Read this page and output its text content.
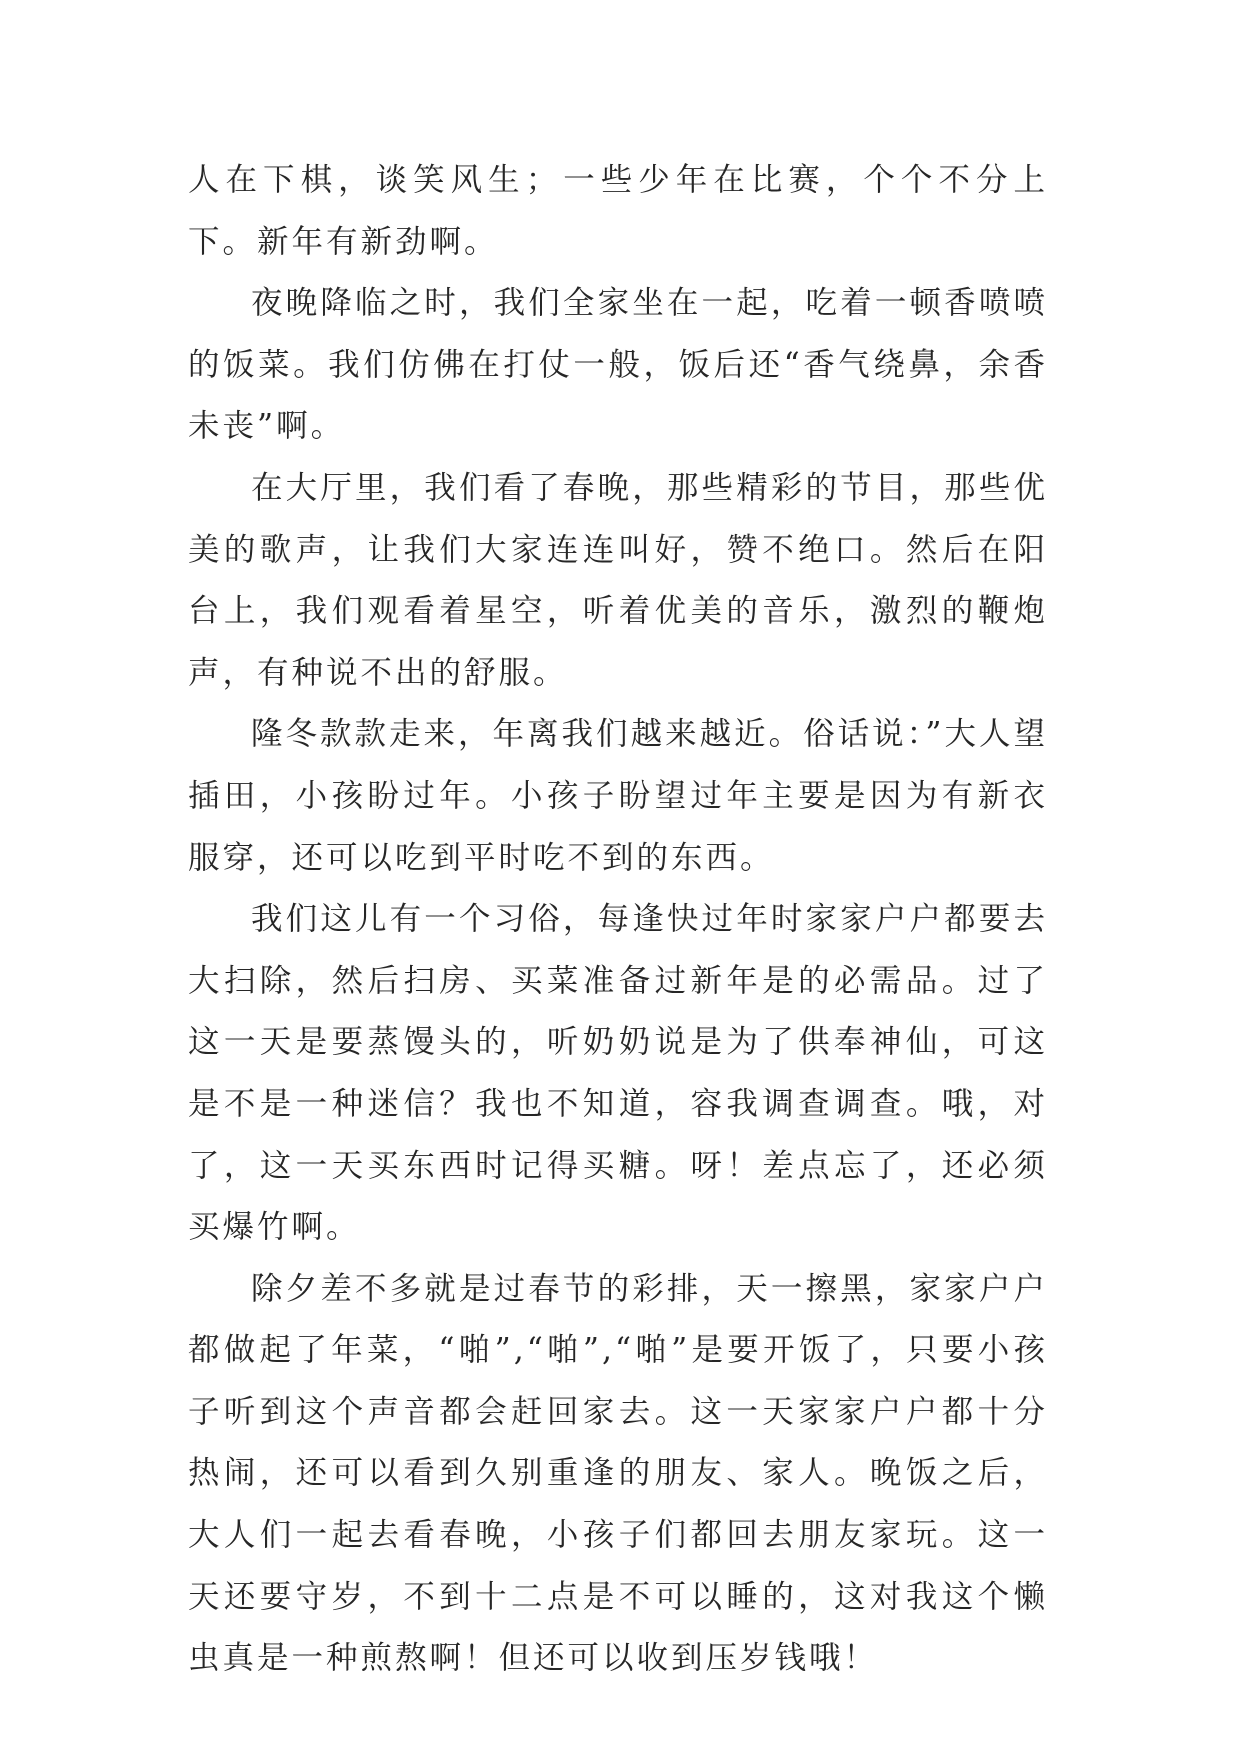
人在下棋，谈笑风生；一些少年在比赛，个个不分上下。新年有新劲啊。

夜晚降临之时，我们全家坐在一起，吃着一顿香喷喷的饭菜。我们仿佛在打仗一般，饭后还“香气绕鼻，余香未丧”啊。

在大厅里，我们看了春晚，那些精彩的节目，那些优美的歌声，让我们大家连连叫好，赞不绝口。然后在阳台上，我们观看着星空，听着优美的音乐，激烈的鞭炮声，有种说不出的舒服。

隆冬款款走来，年离我们越来越近。俗话说：”大人望插田，小孩盼过年。小孩子盼望过年主要是因为有新衣服穿，还可以吃到平时吃不到的东西。

我们这儿有一个习俗，每逢快过年时家家户户都要去大扫除，然后扫房、买菜准备过新年是的必需品。过了这一天是要蒸馒头的，听奶奶说是为了供奉神仙，可这是不是一种迷信？我也不知道，容我调查调查。哦，对了，这一天买东西时记得买糖。呀！差点忘了，还必须买爆竹啊。

除夕差不多就是过春节的彩排，天一擦黑，家家户户都做起了年菜，“啪”,“啪”,“啪”是要开饭了，只要小孩子听到这个声音都会赶回家去。这一天家家户户都十分热闹，还可以看到久别重逢的朋友、家人。晚饭之后，大人们一起去看春晚，小孩子们都回去朋友家玩。这一天还要守岁，不到十二点是不可以睡的，这对我这个懒虫真是一种煎熬啊！但还可以收到压岁钱哦！
